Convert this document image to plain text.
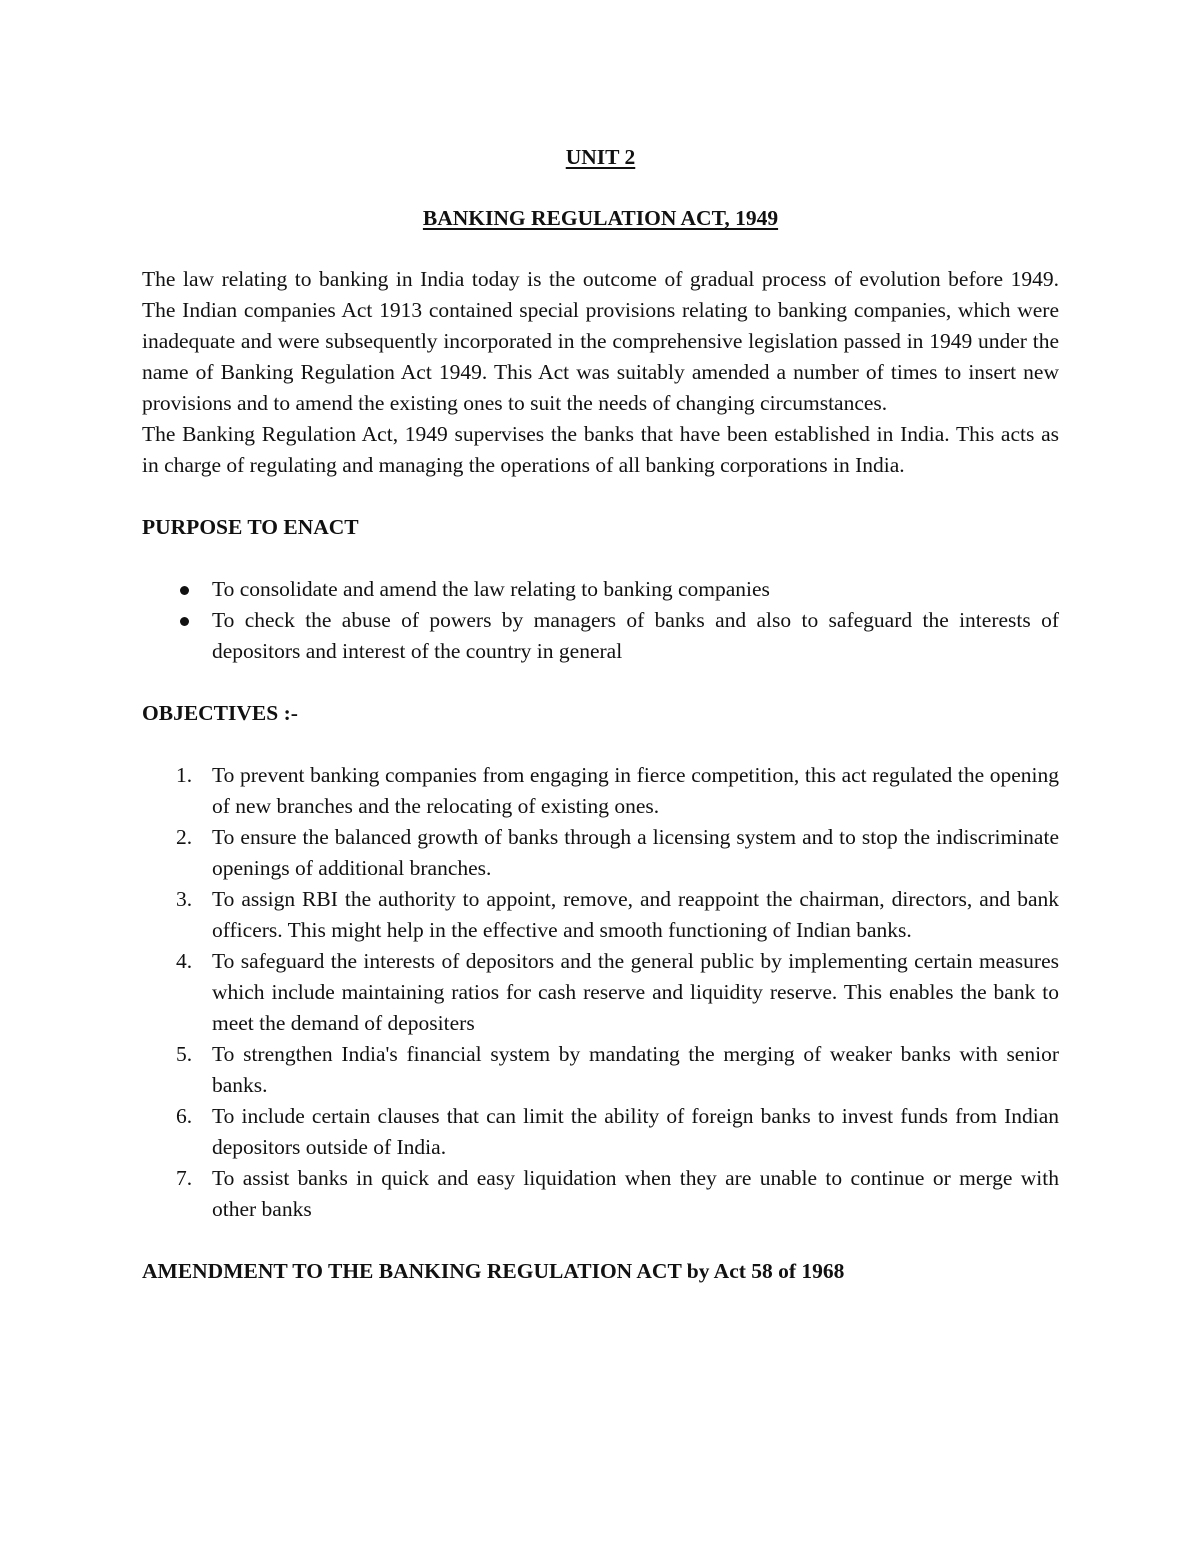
UNIT 2
BANKING REGULATION ACT, 1949

The law relating to banking in India today is the outcome of gradual process of evolution before 1949. The Indian companies Act 1913 contained special provisions relating to banking companies, which were inadequate and were subsequently incorporated in the comprehensive legislation passed in 1949 under the name of Banking Regulation Act 1949. This Act was suitably amended a number of times to insert new provisions and to amend the existing ones to suit the needs of changing circumstances.

The Banking Regulation Act, 1949 supervises the banks that have been established in India. This acts as in charge of regulating and managing the operations of all banking corporations in India.

PURPOSE TO ENACT

To consolidate and amend the law relating to banking companies
To check the abuse of powers by managers of banks and also to safeguard the interests of depositors and interest of the country in general

OBJECTIVES :-

1. To prevent banking companies from engaging in fierce competition, this act regulated the opening of new branches and the relocating of existing ones.
2. To ensure the balanced growth of banks through a licensing system and to stop the indiscriminate openings of additional branches.
3. To assign RBI the authority to appoint, remove, and reappoint the chairman, directors, and bank officers. This might help in the effective and smooth functioning of Indian banks.
4. To safeguard the interests of depositors and the general public by implementing certain measures which include maintaining ratios for cash reserve and liquidity reserve. This enables the bank to meet the demand of depositers
5. To strengthen India's financial system by mandating the merging of weaker banks with senior banks.
6. To include certain clauses that can limit the ability of foreign banks to invest funds from Indian depositors outside of India.
7. To assist banks in quick and easy liquidation when they are unable to continue or merge with other banks

AMENDMENT TO THE BANKING REGULATION ACT by Act 58 of 1968
